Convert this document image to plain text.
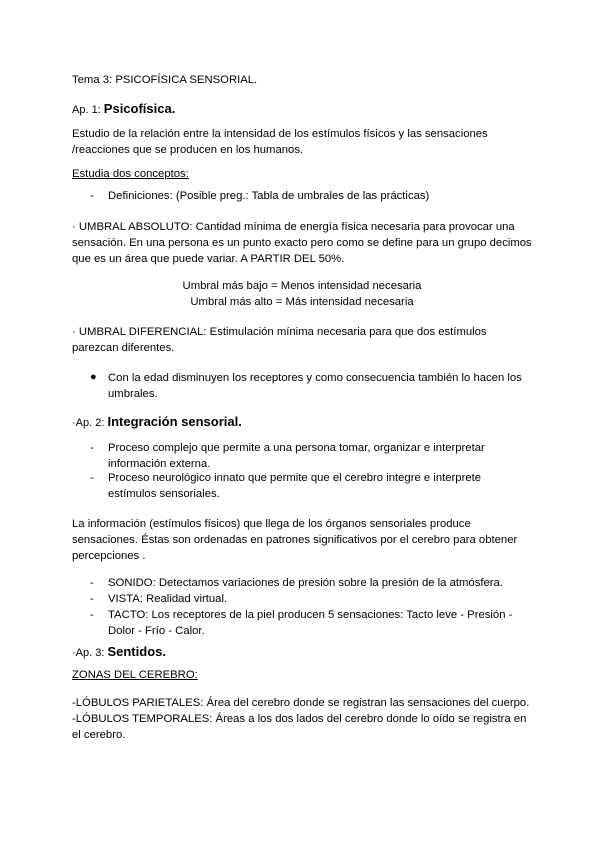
Tema 3: PSICOFÍSICA SENSORIAL.
Ap. 1: Psicofísica.
Estudio de la relación entre la intensidad de los estímulos físicos y las sensaciones /reacciones que se producen en los humanos.
Estudia dos conceptos:
- Definiciones: (Posible preg.: Tabla de umbrales de las prácticas)
· UMBRAL ABSOLUTO: Cantidad mínima de energía física necesaria para provocar una sensación. En una persona es un punto exacto pero como se define para un grupo decimos que es un área que puede variar. A PARTIR DEL 50%.
Umbral más bajo = Menos intensidad necesaria
Umbral más alto = Más intensidad necesaria
· UMBRAL DIFERENCIAL: Estimulación mínima necesaria para que dos estímulos parezcan diferentes.
● Con la edad disminuyen los receptores y como consecuencia también lo hacen los umbrales.
·Ap. 2: Integración sensorial.
- Proceso complejo que permite a una persona tomar, organizar e interpretar información externa.
- Proceso neurológico innato que permite que el cerebro integre e interprete estímulos sensoriales.
La información (estímulos físicos) que llega de los órganos sensoriales produce sensaciones. Éstas son ordenadas en patrones significativos por el cerebro para obtener percepciones .
- SONIDO: Detectamos variaciones de presión sobre la presión de la atmósfera.
- VISTA: Realidad virtual.
- TACTO: Los receptores de la piel producen 5 sensaciones: Tacto leve - Presión - Dolor - Frío - Calor.
·Ap. 3: Sentidos.
ZONAS DEL CEREBRO:
-LÓBULOS PARIETALES: Área del cerebro donde se registran las sensaciones del cuerpo.
-LÓBULOS TEMPORALES: Áreas a los dos lados del cerebro donde lo oído se registra en el cerebro.
